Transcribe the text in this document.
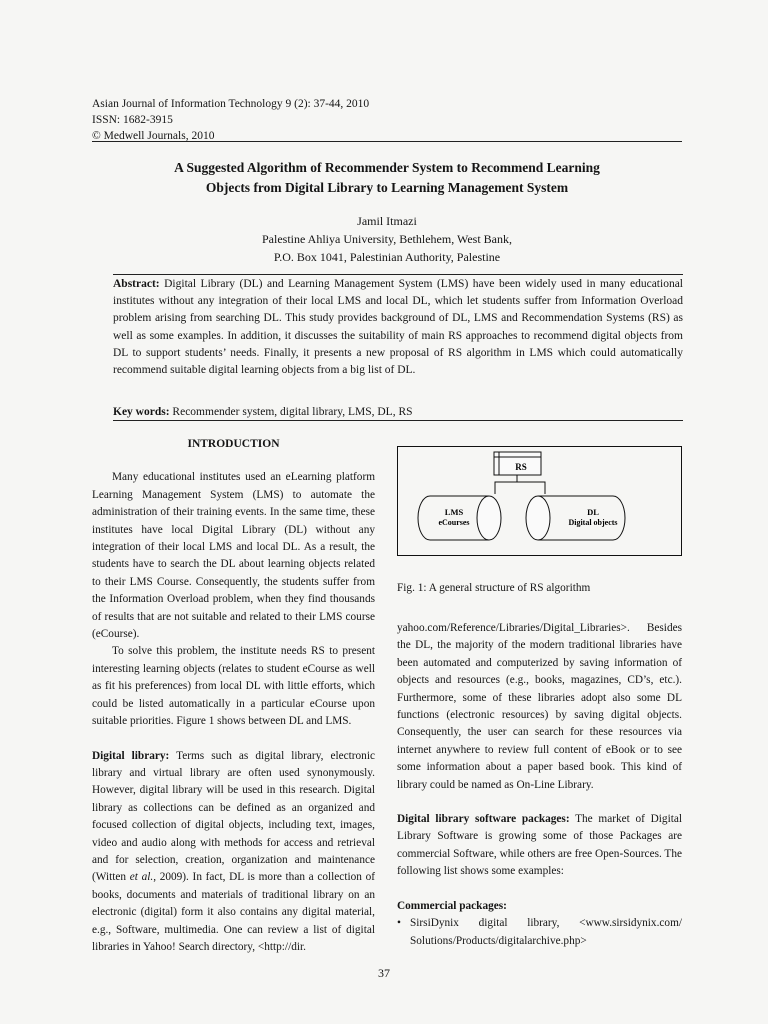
Asian Journal of Information Technology 9 (2): 37-44, 2010
ISSN: 1682-3915
© Medwell Journals, 2010
A Suggested Algorithm of Recommender System to Recommend Learning
Objects from Digital Library to Learning Management System
Jamil Itmazi
Palestine Ahliya University, Bethlehem, West Bank,
P.O. Box 1041, Palestinian Authority, Palestine
Abstract: Digital Library (DL) and Learning Management System (LMS) have been widely used in many educational institutes without any integration of their local LMS and local DL, which let students suffer from Information Overload problem arising from searching DL. This study provides background of DL, LMS and Recommendation Systems (RS) as well as some examples. In addition, it discusses the suitability of main RS approaches to recommend digital objects from DL to support students’ needs. Finally, it presents a new proposal of RS algorithm in LMS which could automatically recommend suitable digital learning objects from a big list of DL.
Key words: Recommender system, digital library, LMS, DL, RS
INTRODUCTION

Many educational institutes used an eLearning platform Learning Management System (LMS) to automate the administration of their training events. In the same time, these institutes have local Digital Library (DL) without any integration of their local LMS and local DL. As a result, the students have to search the DL about learning objects related to their LMS Course. Consequently, the students suffer from the Information Overload problem, when they find thousands of results that are not suitable and related to their LMS course (eCourse).

To solve this problem, the institute needs RS to present interesting learning objects (relates to student eCourse as well as fit his preferences) from local DL with little efforts, which could be listed automatically in a particular eCourse upon suitable priorities. Figure 1 shows between DL and LMS.

Digital library: Terms such as digital library, electronic library and virtual library are often used synonymously. However, digital library will be used in this research. Digital library as collections can be defined as an organized and focused collection of digital objects, including text, images, video and audio along with methods for access and retrieval and for selection, creation, organization and maintenance (Witten et al., 2009). In fact, DL is more than a collection of books, documents and materials of traditional library on an electronic (digital) form it also contains any digital material, e.g., Software, multimedia. One can review a list of digital libraries in Yahoo! Search directory, <http://dir.

RS
LMS
eCourses
DL
Digital objects
Fig. 1: A general structure of RS algorithm

yahoo.com/Reference/Libraries/Digital_Libraries>. Besides the DL, the majority of the modern traditional libraries have been automated and computerized by saving information of objects and resources (e.g., books, magazines, CD’s, etc.). Furthermore, some of these libraries adopt also some DL functions (electronic resources) by saving digital objects. Consequently, the user can search for these resources via internet anywhere to review full content of eBook or to see some information about a paper based book. This kind of library could be named as On-Line Library.

Digital library software packages: The market of Digital Library Software is growing some of those Packages are commercial Software, while others are free Open-Sources. The following list shows some examples:

Commercial packages:

• SirsiDynix digital library, <www.sirsidynix.com/ Solutions/Products/digitalarchive.php>
37
